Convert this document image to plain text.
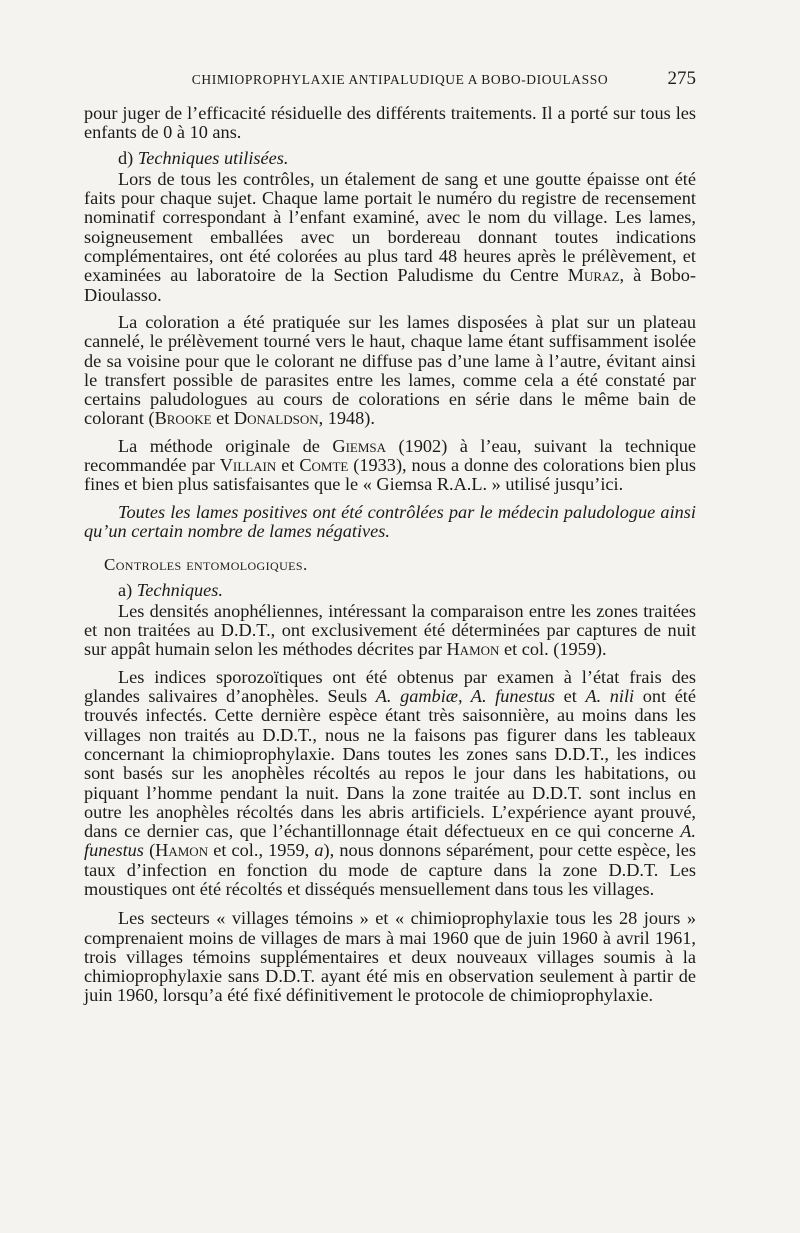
CHIMIOPROPHYLAXIE ANTIPALUDIQUE A BOBO-DIOULASSO	275

pour juger de l’efficacité résiduelle des différents traitements. Il a porté sur tous les enfants de 0 à 10 ans.

d) Techniques utilisées.

Lors de tous les contrôles, un étalement de sang et une goutte épaisse ont été faits pour chaque sujet. Chaque lame portait le numéro du registre de recensement nominatif correspondant à l’enfant examiné, avec le nom du village. Les lames, soigneusement emballées avec un bordereau donnant toutes indications complémentaires, ont été colorées au plus tard 48 heures après le prélèvement, et examinées au laboratoire de la Section Paludisme du Centre Muraz, à Bobo-Dioulasso.

La coloration a été pratiquée sur les lames disposées à plat sur un plateau cannelé, le prélèvement tourné vers le haut, chaque lame étant suffisamment isolée de sa voisine pour que le colorant ne diffuse pas d’une lame à l’autre, évitant ainsi le transfert possible de parasites entre les lames, comme cela a été constaté par certains paludologues au cours de colorations en série dans le même bain de colorant (Brooke et Donaldson, 1948).

La méthode originale de Giemsa (1902) à l’eau, suivant la technique recommandée par Villain et Comte (1933), nous a donne des colorations bien plus fines et bien plus satisfaisantes que le « Giemsa R.A.L. » utilisé jusqu’ici.

Toutes les lames positives ont été contrôlées par le médecin paludologue ainsi qu’un certain nombre de lames négatives.

Controles entomologiques.

a) Techniques.

Les densités anophéliennes, intéressant la comparaison entre les zones traitées et non traitées au D.D.T., ont exclusivement été déterminées par captures de nuit sur appât humain selon les méthodes décrites par Hamon et col. (1959).

Les indices sporozoïtiques ont été obtenus par examen à l’état frais des glandes salivaires d’anophèles. Seuls A. gambiæ, A. funestus et A. nili ont été trouvés infectés. Cette dernière espèce étant très saisonnière, au moins dans les villages non traités au D.D.T., nous ne la faisons pas figurer dans les tableaux concernant la chimioprophylaxie. Dans toutes les zones sans D.D.T., les indices sont basés sur les anophèles récoltés au repos le jour dans les habitations, ou piquant l’homme pendant la nuit. Dans la zone traitée au D.D.T. sont inclus en outre les anophèles récoltés dans les abris artificiels. L’expérience ayant prouvé, dans ce dernier cas, que l’échantillonnage était défectueux en ce qui concerne A. funestus (Hamon et col., 1959, a), nous donnons séparément, pour cette espèce, les taux d’infection en fonction du mode de capture dans la zone D.D.T. Les moustiques ont été récoltés et disséqués mensuellement dans tous les villages.

Les secteurs « villages témoins » et « chimioprophylaxie tous les 28 jours » comprenaient moins de villages de mars à mai 1960 que de juin 1960 à avril 1961, trois villages témoins supplémentaires et deux nouveaux villages soumis à la chimioprophylaxie sans D.D.T. ayant été mis en observation seulement à partir de juin 1960, lorsqu’a été fixé définitivement le protocole de chimioprophylaxie.
